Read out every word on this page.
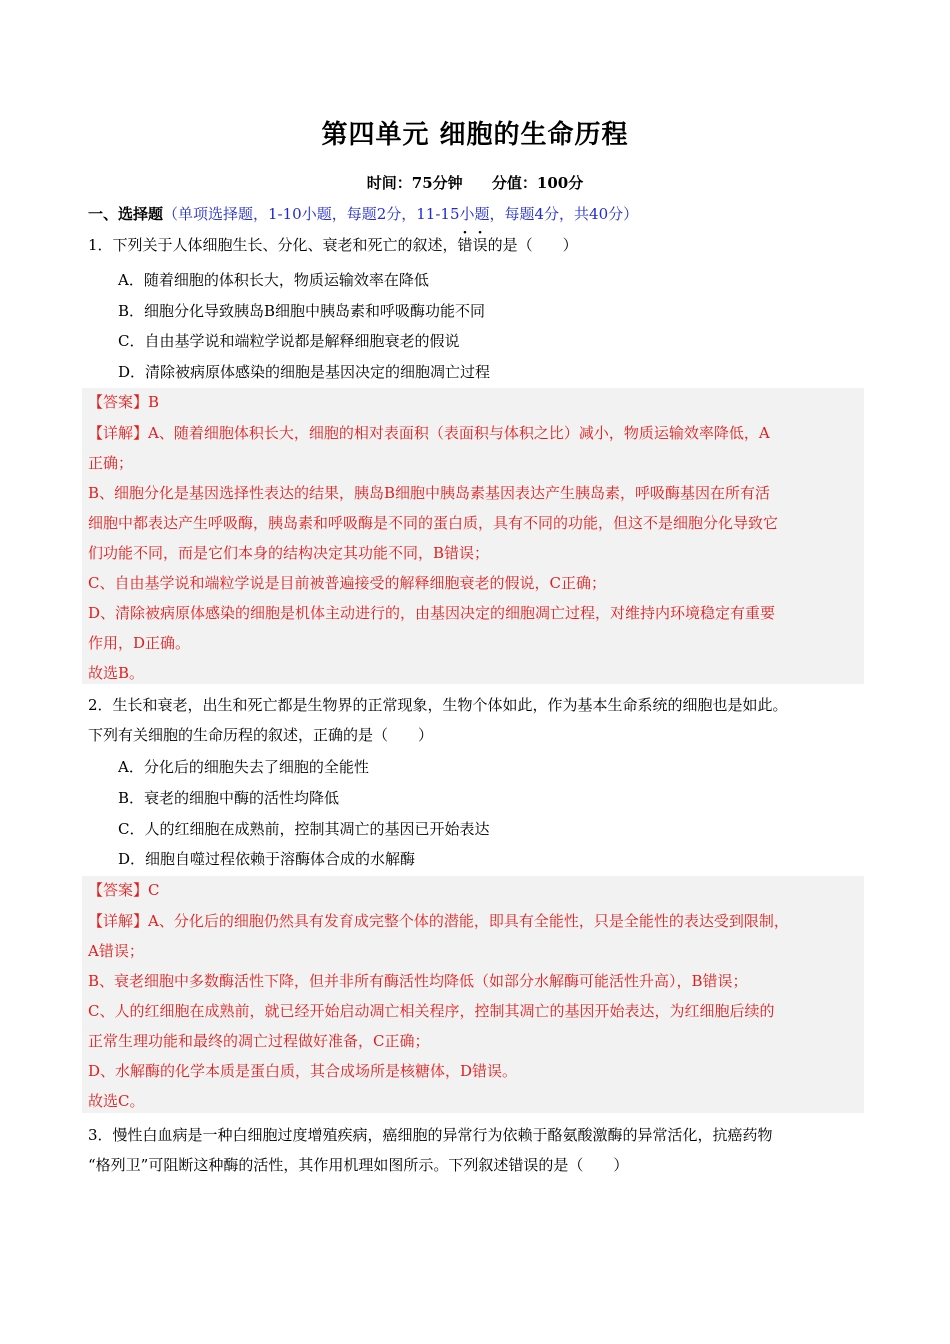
第四单元 细胞的生命历程
时间：75分钟 分值：100分
一、选择题（单项选择题，1-10小题，每题2分，11-15小题，每题4分，共40分）
1．下列关于人体细胞生长、分化、衰老和死亡的叙述，错误的是（　　）
A．随着细胞的体积长大，物质运输效率在降低
B．细胞分化导致胰岛B细胞中胰岛素和呼吸酶功能不同
C．自由基学说和端粒学说都是解释细胞衰老的假说
D．清除被病原体感染的细胞是基因决定的细胞凋亡过程
【答案】B
【详解】A、随着细胞体积长大，细胞的相对表面积（表面积与体积之比）减小，物质运输效率降低，A
正确；
B、细胞分化是基因选择性表达的结果，胰岛B细胞中胰岛素基因表达产生胰岛素，呼吸酶基因在所有活
细胞中都表达产生呼吸酶，胰岛素和呼吸酶是不同的蛋白质，具有不同的功能，但这不是细胞分化导致它
们功能不同，而是它们本身的结构决定其功能不同，B错误；
C、自由基学说和端粒学说是目前被普遍接受的解释细胞衰老的假说，C正确；
D、清除被病原体感染的细胞是机体主动进行的，由基因决定的细胞凋亡过程，对维持内环境稳定有重要
作用，D正确。
故选B。
2．生长和衰老，出生和死亡都是生物界的正常现象，生物个体如此，作为基本生命系统的细胞也是如此。
下列有关细胞的生命历程的叙述，正确的是（　　）
A．分化后的细胞失去了细胞的全能性
B．衰老的细胞中酶的活性均降低
C．人的红细胞在成熟前，控制其凋亡的基因已开始表达
D．细胞自噬过程依赖于溶酶体合成的水解酶
【答案】C
【详解】A、分化后的细胞仍然具有发育成完整个体的潜能，即具有全能性，只是全能性的表达受到限制，
A错误；
B、衰老细胞中多数酶活性下降，但并非所有酶活性均降低（如部分水解酶可能活性升高），B错误；
C、人的红细胞在成熟前，就已经开始启动凋亡相关程序，控制其凋亡的基因开始表达，为红细胞后续的
正常生理功能和最终的凋亡过程做好准备，C正确；
D、水解酶的化学本质是蛋白质，其合成场所是核糖体，D错误。
故选C。
3．慢性白血病是一种白细胞过度增殖疾病，癌细胞的异常行为依赖于酪氨酸激酶的异常活化，抗癌药物
“格列卫”可阻断这种酶的活性，其作用机理如图所示。下列叙述错误的是（　　）
